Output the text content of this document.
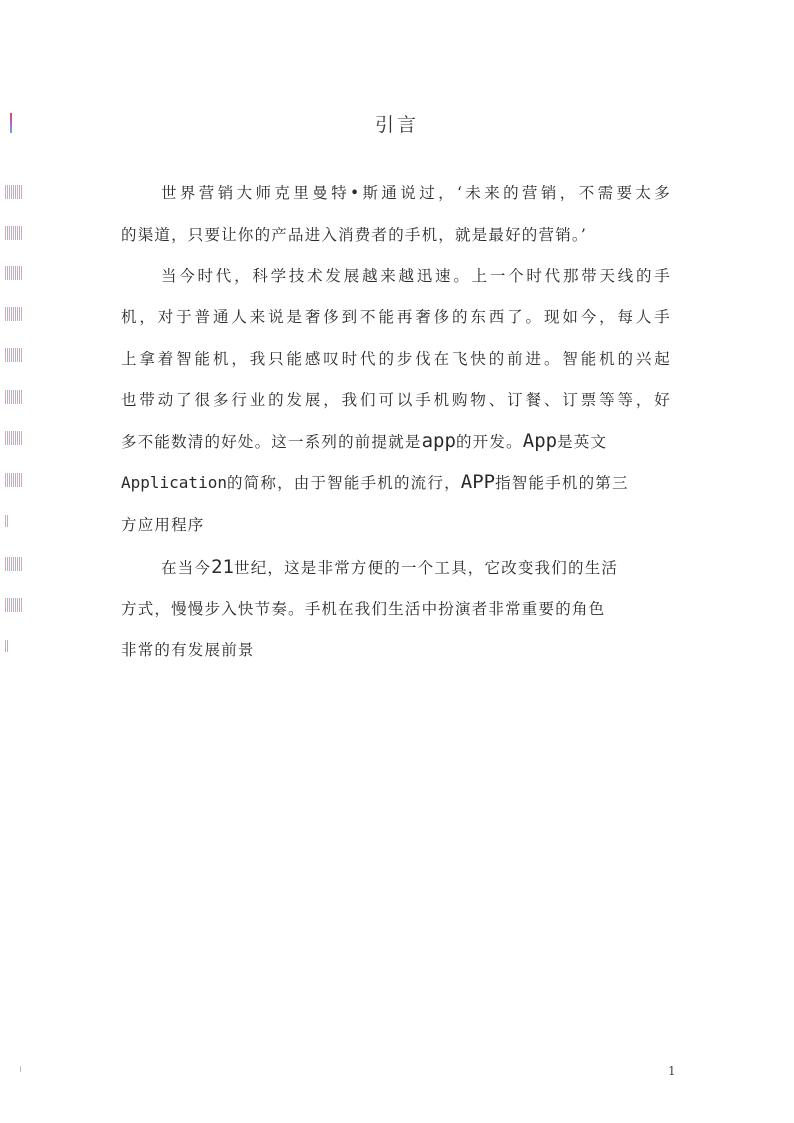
引言
世界营销大师克里曼特•斯通说过，‘未来的营销，不需要太多
的渠道，只要让你的产品进入消费者的手机，就是最好的营销。’
当今时代，科学技术发展越来越迅速。上一个时代那带天线的手
机，对于普通人来说是奢侈到不能再奢侈的东西了。现如今，每人手
上拿着智能机，我只能感叹时代的步伐在飞快的前进。智能机的兴起
也带动了很多行业的发展，我们可以手机购物、订餐、订票等等，好
多不能数清的好处。这一系列的前提就是app的开发。App是英文
Application的简称，由于智能手机的流行，APP指智能手机的第三
方应用程序
在当今21世纪，这是非常方便的一个工具，它改变我们的生活
方式，慢慢步入快节奏。手机在我们生活中扮演者非常重要的角色
非常的有发展前景
1
